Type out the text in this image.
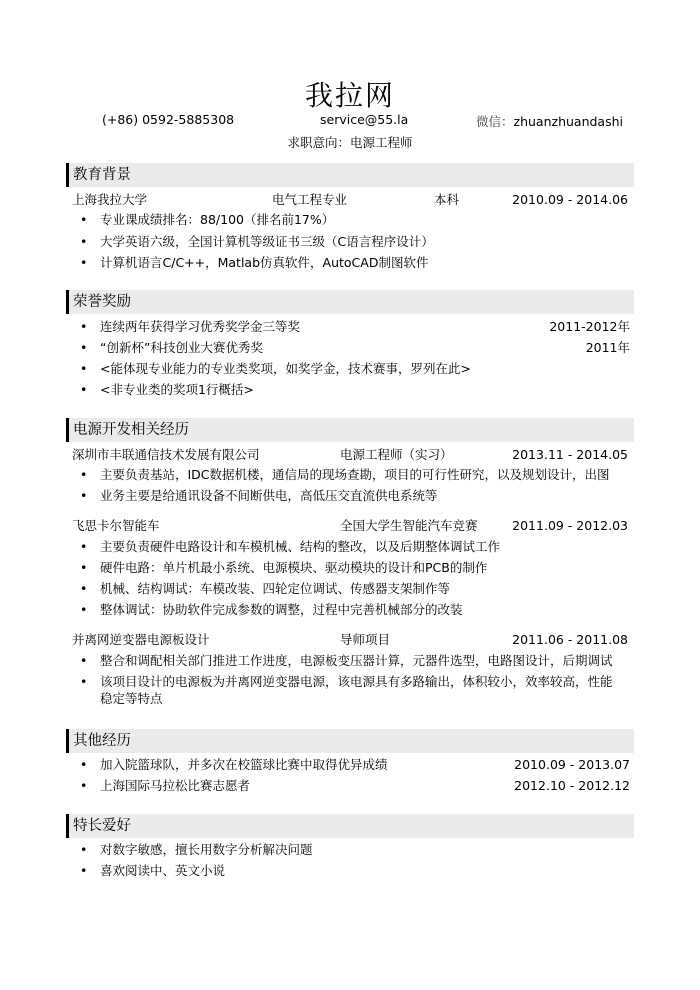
我拉网
(+86) 0592-5885308	service@55.la	微信：zhuanzhuandashi
求职意向：电源工程师
教育背景
上海我拉大学	电气工程专业	本科	2010.09 - 2014.06
• 专业课成绩排名：88/100（排名前17%）
• 大学英语六级，全国计算机等级证书三级（C语言程序设计）
• 计算机语言C/C++，Matlab仿真软件，AutoCAD制图软件
荣誉奖励
• 连续两年获得学习优秀奖学金三等奖	2011-2012年
• “创新杯”科技创业大赛优秀奖	2011年
• <能体现专业能力的专业类奖项，如奖学金，技术赛事，罗列在此>
• <非专业类的奖项1行概括>
电源开发相关经历
深圳市丰联通信技术发展有限公司	电源工程师（实习）	2013.11 - 2014.05
• 主要负责基站，IDC数据机楼，通信局的现场查勘，项目的可行性研究，以及规划设计，出图
• 业务主要是给通讯设备不间断供电，高低压交直流供电系统等
飞思卡尔智能车	全国大学生智能汽车竞赛	2011.09 - 2012.03
• 主要负责硬件电路设计和车模机械、结构的整改，以及后期整体调试工作
• 硬件电路：单片机最小系统、电源模块、驱动模块的设计和PCB的制作
• 机械、结构调试：车模改装、四轮定位调试、传感器支架制作等
• 整体调试：协助软件完成参数的调整，过程中完善机械部分的改装
并离网逆变器电源板设计	导师项目	2011.06 - 2011.08
• 整合和调配相关部门推进工作进度，电源板变压器计算，元器件选型，电路图设计，后期调试
• 该项目设计的电源板为并离网逆变器电源，该电源具有多路输出，体积较小，效率较高，性能稳定等特点
其他经历
• 加入院篮球队，并多次在校篮球比赛中取得优异成绩	2010.09 - 2013.07
• 上海国际马拉松比赛志愿者	2012.10 - 2012.12
特长爱好
• 对数字敏感，擅长用数字分析解决问题
• 喜欢阅读中、英文小说
